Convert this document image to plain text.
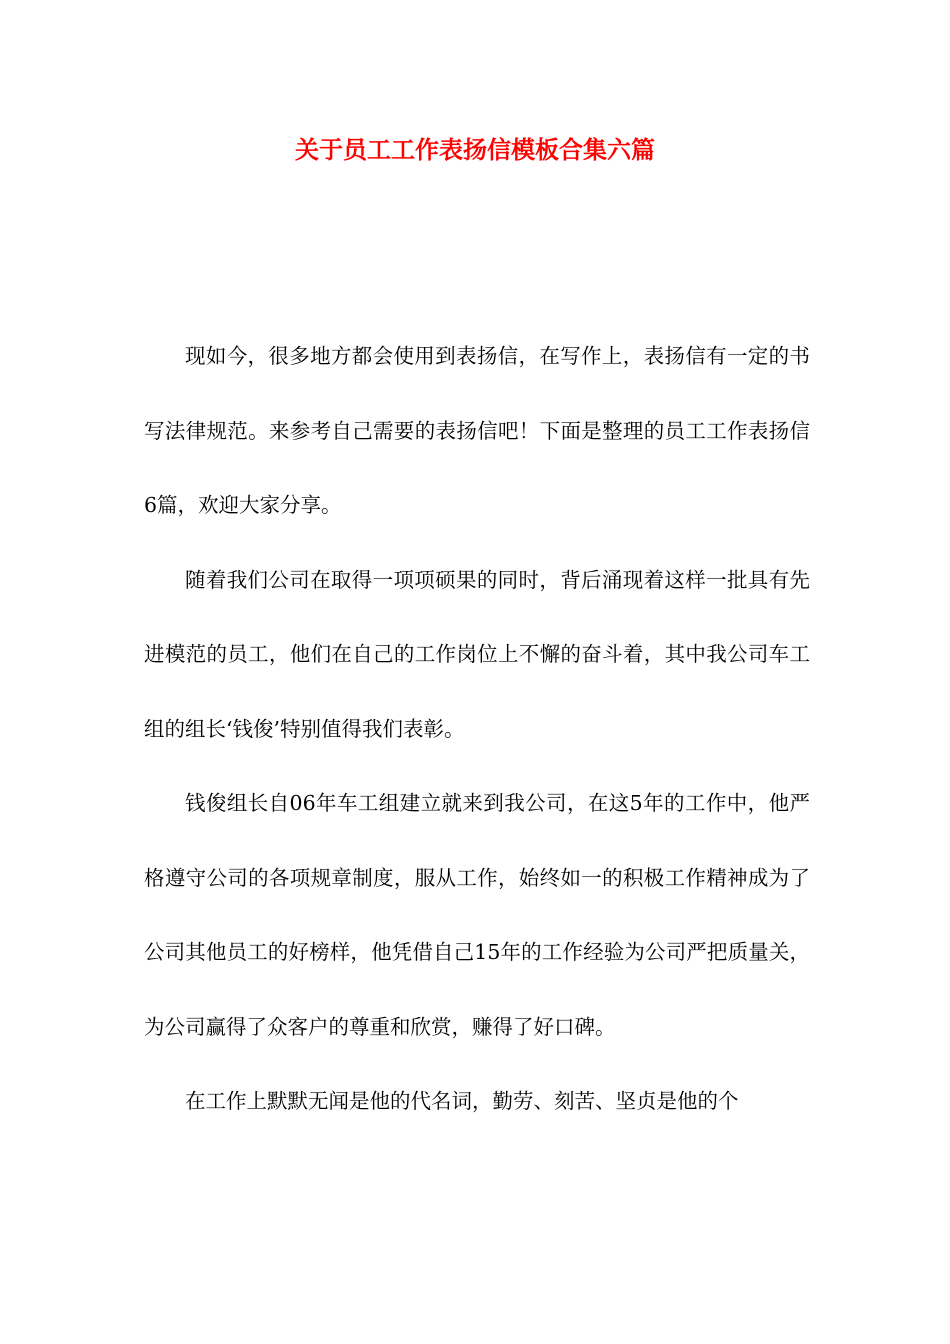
关于员工工作表扬信模板合集六篇

现如今，很多地方都会使用到表扬信，在写作上，表扬信有一定的书写法律规范。来参考自己需要的表扬信吧！下面是整理的员工工作表扬信6篇，欢迎大家分享。

随着我们公司在取得一项项硕果的同时，背后涌现着这样一批具有先进模范的员工，他们在自己的工作岗位上不懈的奋斗着，其中我公司车工组的组长‘钱俊’特别值得我们表彰。

钱俊组长自06年车工组建立就来到我公司，在这5年的工作中，他严格遵守公司的各项规章制度，服从工作，始终如一的积极工作精神成为了公司其他员工的好榜样，他凭借自己15年的工作经验为公司严把质量关，为公司赢得了众客户的尊重和欣赏，赚得了好口碑。

在工作上默默无闻是他的代名词，勤劳、刻苦、坚贞是他的个
